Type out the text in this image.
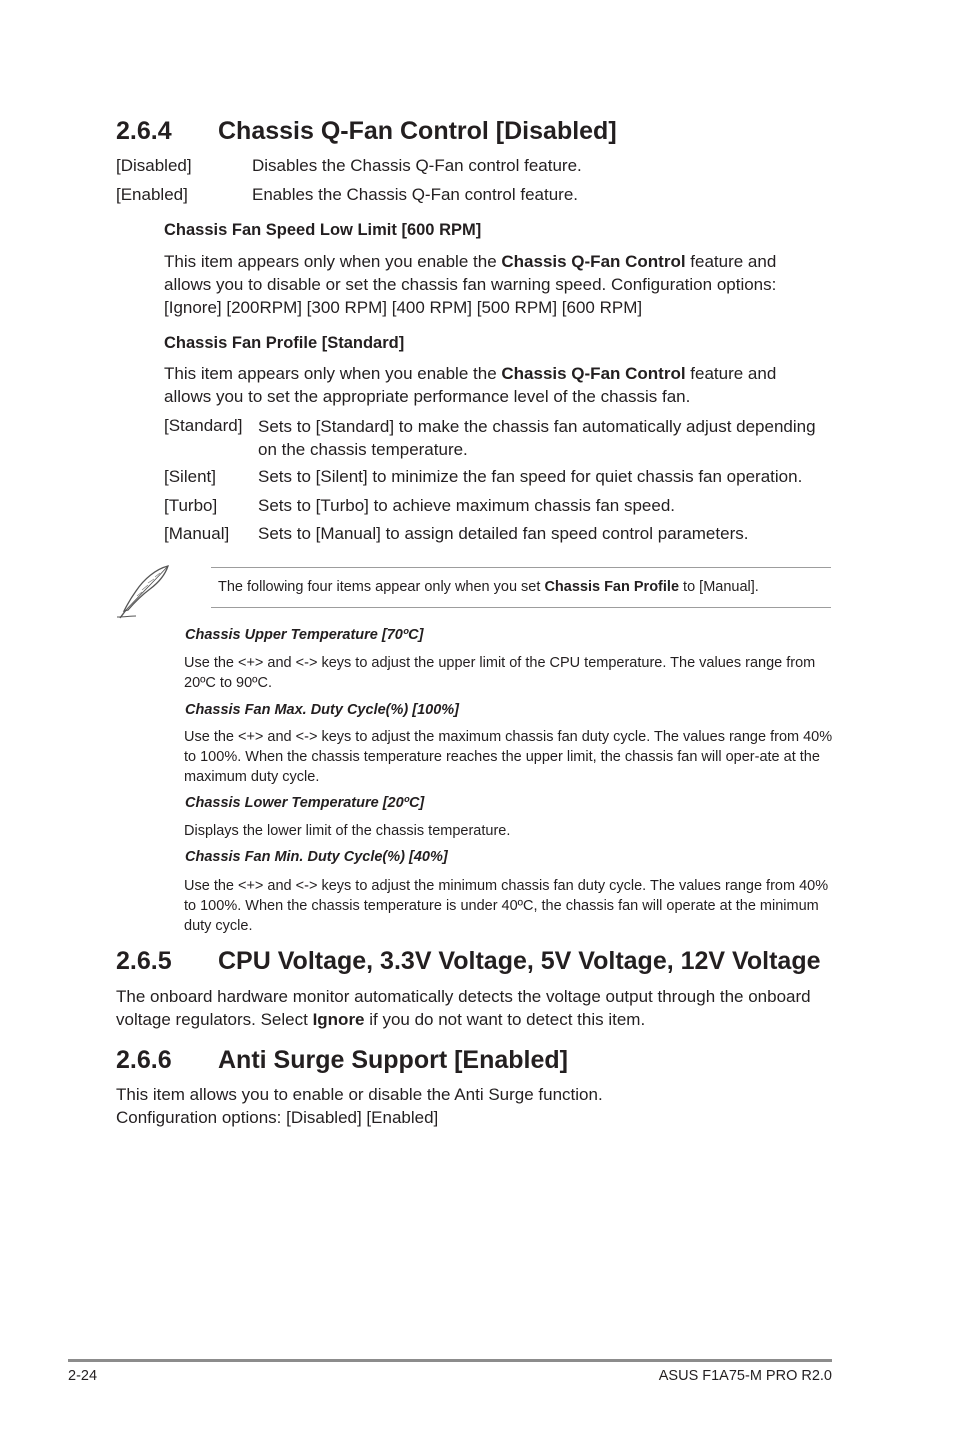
2.6.4 Chassis Q-Fan Control [Disabled]
[Disabled]	Disables the Chassis Q-Fan control feature.
[Enabled]	Enables the Chassis Q-Fan control feature.
Chassis Fan Speed Low Limit [600 RPM]
This item appears only when you enable the Chassis Q-Fan Control feature and allows you to disable or set the chassis fan warning speed. Configuration options: [Ignore] [200RPM] [300 RPM] [400 RPM] [500 RPM] [600 RPM]
Chassis Fan Profile [Standard]
This item appears only when you enable the Chassis Q-Fan Control feature and allows you to set the appropriate performance level of the chassis fan.
[Standard] Sets to [Standard] to make the chassis fan automatically adjust depending on the chassis temperature.
[Silent] Sets to [Silent] to minimize the fan speed for quiet chassis fan operation.
[Turbo] Sets to [Turbo] to achieve maximum chassis fan speed.
[Manual] Sets to [Manual] to assign detailed fan speed control parameters.
The following four items appear only when you set Chassis Fan Profile to [Manual].
Chassis Upper Temperature [70ºC]
Use the <+> and <-> keys to adjust the upper limit of the CPU temperature. The values range from 20ºC to 90ºC.
Chassis Fan Max. Duty Cycle(%) [100%]
Use the <+> and <-> keys to adjust the maximum chassis fan duty cycle. The values range from 40% to 100%. When the chassis temperature reaches the upper limit, the chassis fan will oper-ate at the maximum duty cycle.
Chassis Lower Temperature [20ºC]
Displays the lower limit of the chassis temperature.
Chassis Fan Min. Duty Cycle(%) [40%]
Use the <+> and <-> keys to adjust the minimum chassis fan duty cycle. The values range from 40% to 100%. When the chassis temperature is under 40ºC, the chassis fan will operate at the minimum duty cycle.
2.6.5 CPU Voltage, 3.3V Voltage, 5V Voltage, 12V Voltage
The onboard hardware monitor automatically detects the voltage output through the onboard voltage regulators. Select Ignore if you do not want to detect this item.
2.6.6 Anti Surge Support [Enabled]
This item allows you to enable or disable the Anti Surge function.
Configuration options: [Disabled] [Enabled]
2-24	ASUS F1A75-M PRO R2.0
